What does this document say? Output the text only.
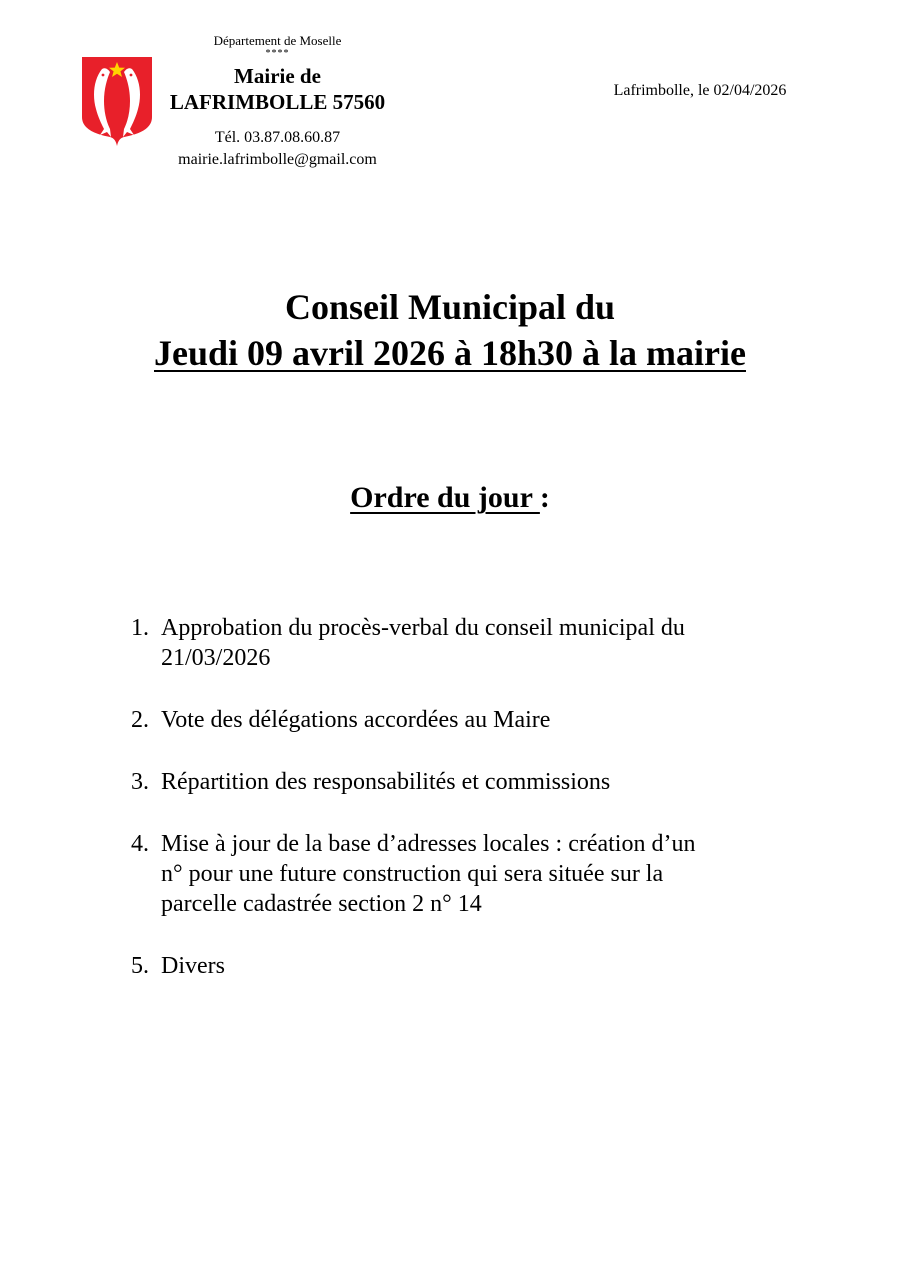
Département de Moselle
****
Mairie de
LAFRIMBOLLE 57560
Tél. 03.87.08.60.87
mairie.lafrimbolle@gmail.com
Lafrimbolle, le 02/04/2026
Conseil Municipal du
Jeudi 09 avril 2026 à 18h30 à la mairie
Ordre du jour :
1. Approbation du procès-verbal du conseil municipal du
21/03/2026
2. Vote des délégations accordées au Maire
3. Répartition des responsabilités et commissions
4. Mise à jour de la base d’adresses locales : création d’un
n° pour une future construction qui sera située sur la
parcelle cadastrée section 2 n° 14
5. Divers
